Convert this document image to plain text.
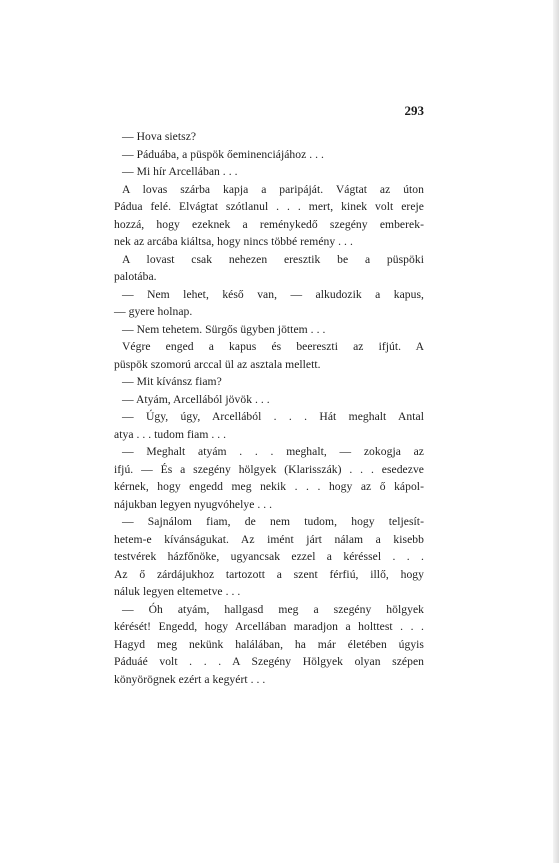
293
— Hova sietsz?
— Páduába, a püspök őeminenciájához . . .
— Mi hír Arcellában . . .
A lovas szárba kapja a paripáját. Vágtat az úton
Pádua felé. Elvágtat szótlanul . . . mert, kinek volt ereje
hozzá, hogy ezeknek a reménykedő szegény emberek-
nek az arcába kiáltsa, hogy nincs többé remény . . .
A lovast csak nehezen eresztik be a püspöki
palotába.
— Nem lehet, késő van, — alkudozik a kapus,
— gyere holnap.
— Nem tehetem. Sürgős ügyben jöttem . . .
Végre enged a kapus és beereszti az ifjút. A
püspök szomorú arccal ül az asztala mellett.
— Mit kívánsz fiam?
— Atyám, Arcellából jövök . . .
— Úgy, úgy, Arcellából . . . Hát meghalt Antal
atya . . . tudom fiam . . .
— Meghalt atyám . . . meghalt, — zokogja az
ifjú. — És a szegény hölgyek (Klarisszák) . . . esedezve
kérnek, hogy engedd meg nekik . . . hogy az ő kápol-
nájukban legyen nyugvóhelye . . .
— Sajnálom fiam, de nem tudom, hogy teljesít-
hetem-e kívánságukat. Az imént járt nálam a kisebb
testvérek házfőnöke, ugyancsak ezzel a kéréssel . . .
Az ő zárdájukhoz tartozott a szent férfiú, illő, hogy
náluk legyen eltemetve . . .
— Óh atyám, hallgasd meg a szegény hölgyek
kérését! Engedd, hogy Arcellában maradjon a holttest . . .
Hagyd meg nekünk halálában, ha már életében úgyis
Páduáé volt . . . A Szegény Hölgyek olyan szépen
könyörögnek ezért a kegyért . . .
